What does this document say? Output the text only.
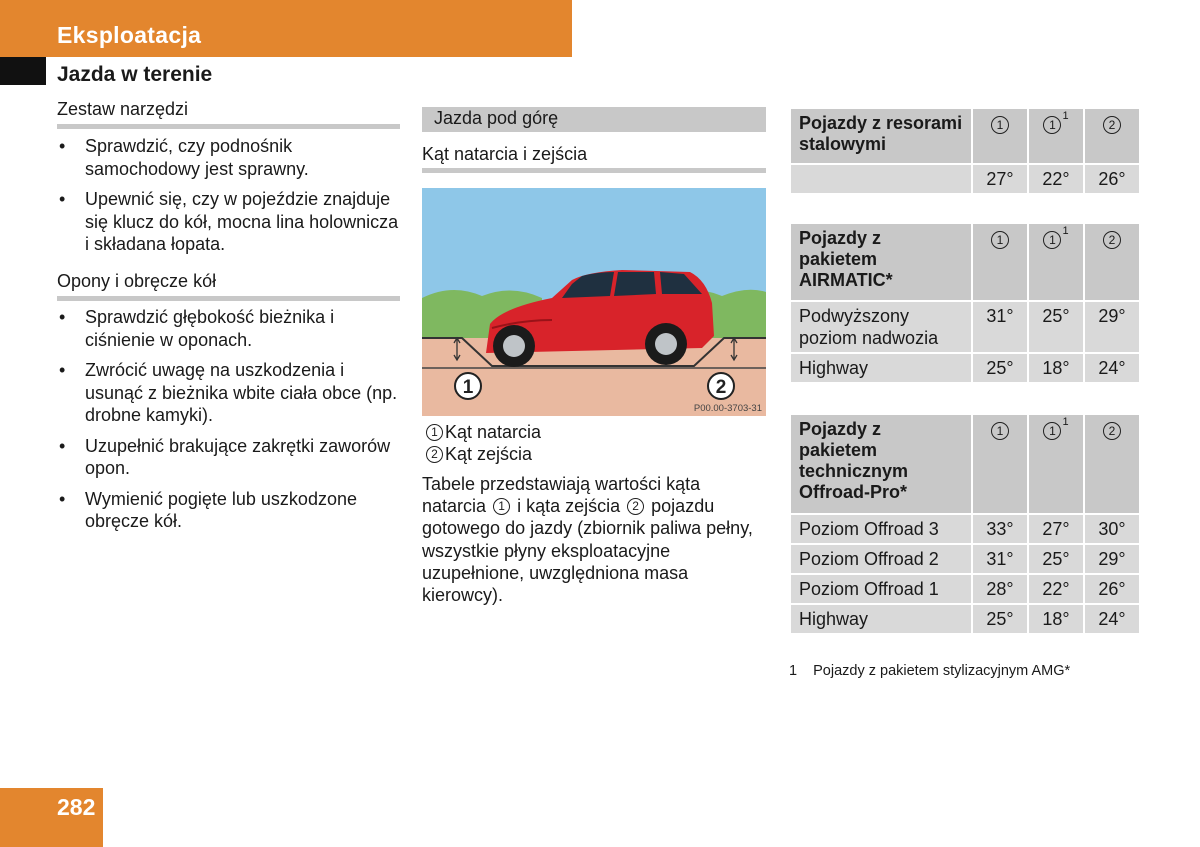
Eksploatacja
Jazda w terenie
Zestaw narzędzi
• Sprawdzić, czy podnośnik samochodowy jest sprawny.
• Upewnić się, czy w pojeździe znajduje się klucz do kół, mocna lina holownicza i składana łopata.
Opony i obręcze kół
• Sprawdzić głębokość bieżnika i ciśnienie w oponach.
• Zwrócić uwagę na uszkodzenia i usunąć z bieżnika wbite ciała obce (np. drobne kamyki).
• Uzupełnić brakujące zakrętki zaworów opon.
• Wymienić pogięte lub uszkodzone obręcze kół.
Jazda pod górę
Kąt natarcia i zejścia
1	2
P00.00-3703-31
1 Kąt natarcia
2 Kąt zejścia
Tabele przedstawiają wartości kąta natarcia 1 i kąta zejścia 2 pojazdu gotowego do jazdy (zbiornik paliwa pełny, wszystkie płyny eksploatacyjne uzupełnione, uwzględniona masa kierowcy).
Pojazdy z resorami stalowymi	1	1$^1$	2
	27°	22°	26°
Pojazdy z pakietem AIRMATIC*	1	1$^1$	2
Podwyższony poziom nadwozia	31°	25°	29°
Highway	25°	18°	24°
Pojazdy z pakietem technicznym Offroad-Pro*	1	1$^1$	2
Poziom Offroad 3	33°	27°	30°
Poziom Offroad 2	31°	25°	29°
Poziom Offroad 1	28°	22°	26°
Highway	25°	18°	24°
1 Pojazdy z pakietem stylizacyjnym AMG*
282
